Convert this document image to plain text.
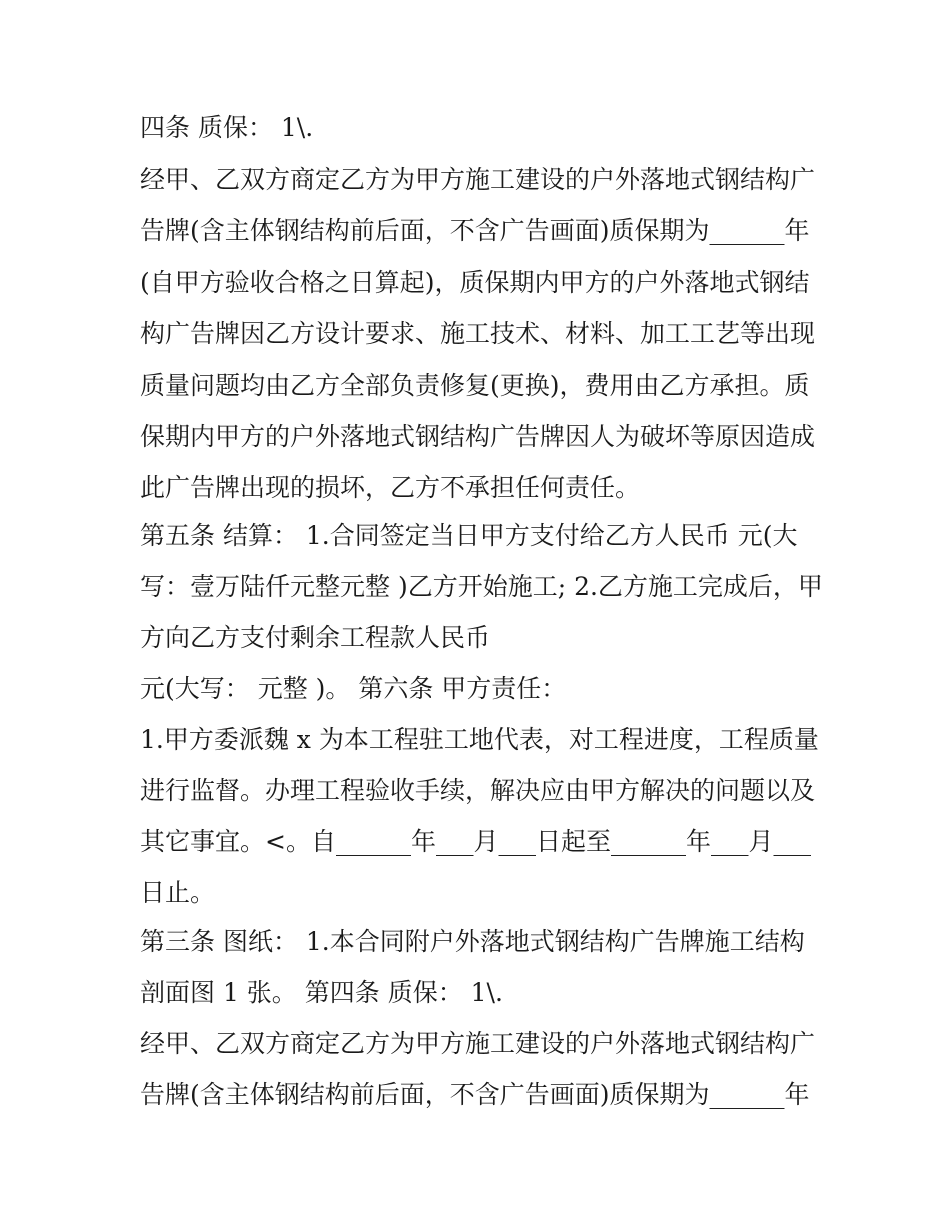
四条 质保： 1\.

经甲、乙双方商定乙方为甲方施工建设的户外落地式钢结构广

告牌(含主体钢结构前后面，不含广告画面)质保期为______年

(自甲方验收合格之日算起)，质保期内甲方的户外落地式钢结

构广告牌因乙方设计要求、施工技术、材料、加工工艺等出现

质量问题均由乙方全部负责修复(更换)，费用由乙方承担。质

保期内甲方的户外落地式钢结构广告牌因人为破坏等原因造成

此广告牌出现的损坏，乙方不承担任何责任。

第五条 结算： 1.合同签定当日甲方支付给乙方人民币 元(大

写：壹万陆仟元整元整 )乙方开始施工; 2.乙方施工完成后，甲

方向乙方支付剩余工程款人民币

元(大写： 元整 )。 第六条 甲方责任：

1.甲方委派魏 x 为本工程驻工地代表，对工程进度，工程质量

进行监督。办理工程验收手续，解决应由甲方解决的问题以及

其它事宜。<。自______年___月___日起至______年___月___

日止。

第三条 图纸： 1.本合同附户外落地式钢结构广告牌施工结构

剖面图 1 张。 第四条 质保： 1\.

经甲、乙双方商定乙方为甲方施工建设的户外落地式钢结构广

告牌(含主体钢结构前后面，不含广告画面)质保期为______年
